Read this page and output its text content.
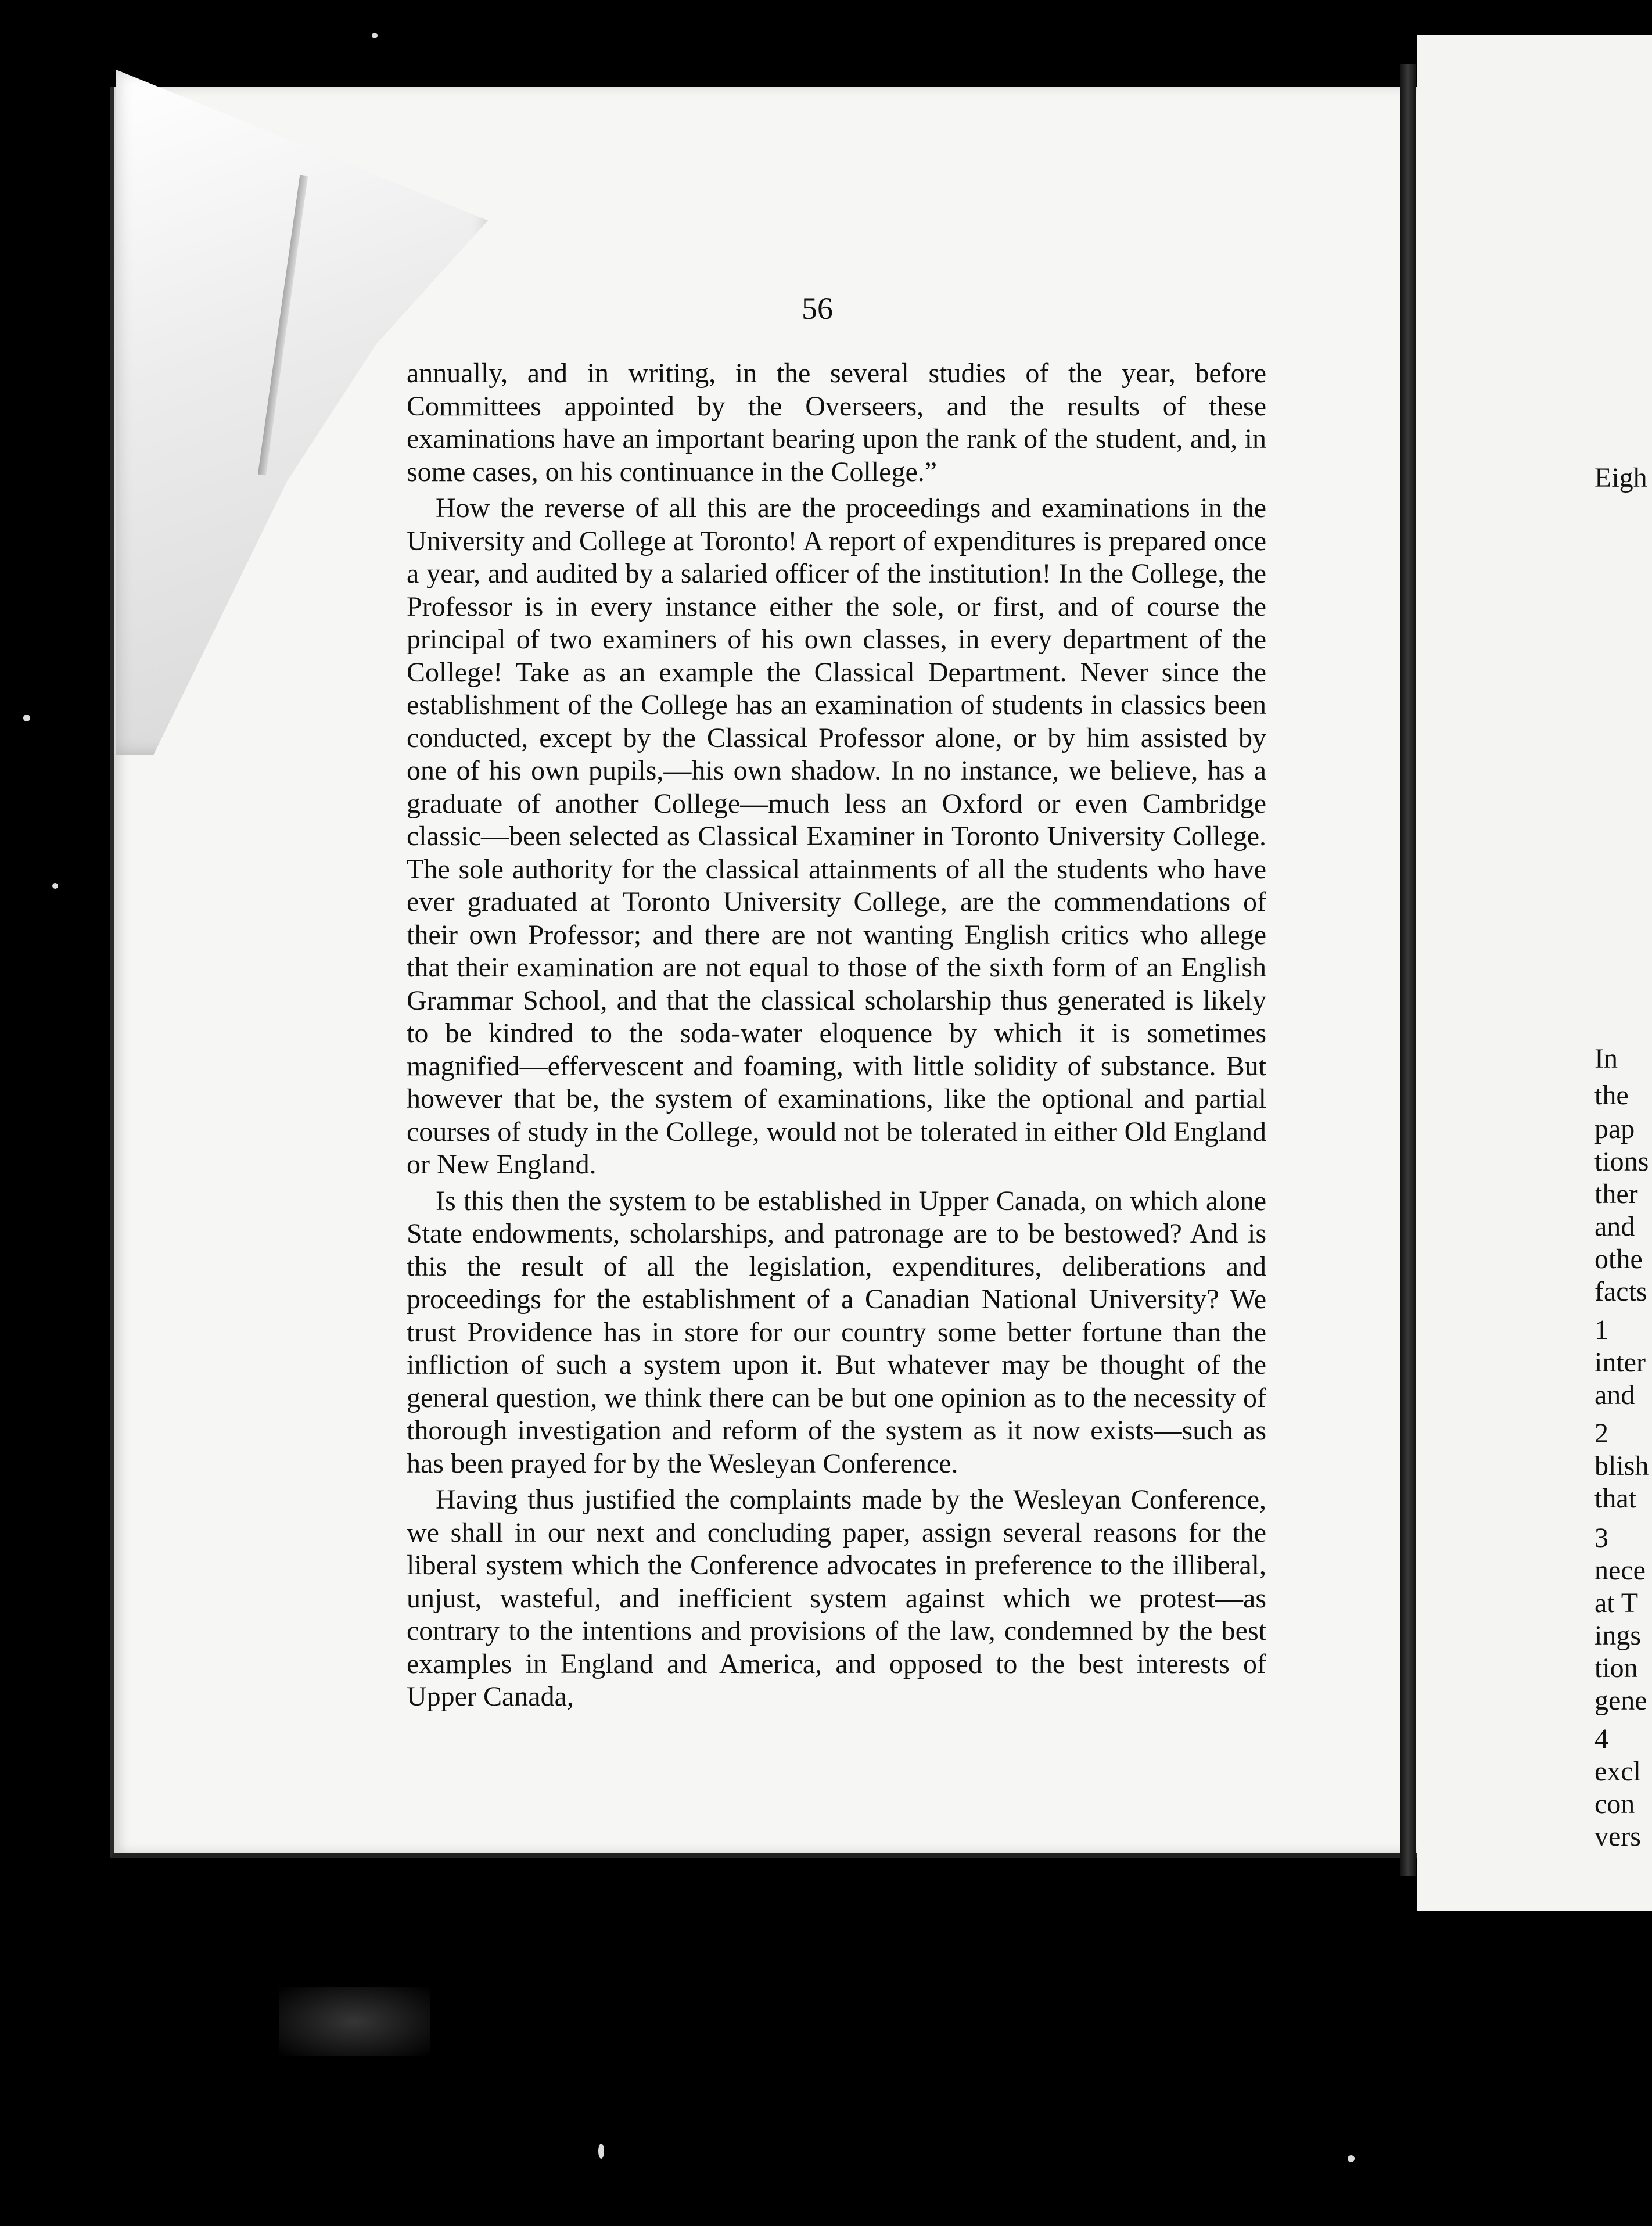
56

annually, and in writing, in the several studies of the year, before Committees appointed by the Overseers, and the results of these examinations have an important bearing upon the rank of the student, and, in some cases, on his continuance in the College.”

How the reverse of all this are the proceedings and examinations in the University and College at Toronto! A report of expenditures is prepared once a year, and audited by a salaried officer of the institution! In the College, the Professor is in every instance either the sole, or first, and of course the principal of two examiners of his own classes, in every department of the College! Take as an example the Classical Department. Never since the establishment of the College has an examination of students in classics been conducted, except by the Classical Professor alone, or by him assisted by one of his own pupils,—his own shadow. In no instance, we believe, has a graduate of another College—much less an Oxford or even Cambridge classic—been selected as Classical Examiner in Toronto University College. The sole authority for the classical attainments of all the students who have ever graduated at Toronto University College, are the commendations of their own Professor; and there are not wanting English critics who allege that their examination are not equal to those of the sixth form of an English Grammar School, and that the classical scholarship thus generated is likely to be kindred to the soda-water eloquence by which it is sometimes magnified—effervescent and foaming, with little solidity of substance. But however that be, the system of examinations, like the optional and partial courses of study in the College, would not be tolerated in either Old England or New England.

Is this then the system to be established in Upper Canada, on which alone State endowments, scholarships, and patronage are to be bestowed? And is this the result of all the legislation, expenditures, deliberations and proceedings for the establishment of a Canadian National University? We trust Providence has in store for our country some better fortune than the infliction of such a system upon it. But whatever may be thought of the general question, we think there can be but one opinion as to the necessity of thorough investigation and reform of the system as it now exists—such as has been prayed for by the Wesleyan Conference.

Having thus justified the complaints made by the Wesleyan Conference, we shall in our next and concluding paper, assign several reasons for the liberal system which the Conference advocates in preference to the illiberal, unjust, wasteful, and inefficient system against which we protest—as contrary to the intentions and provisions of the law, condemned by the best examples in England and America, and opposed to the best interests of Upper Canada,

Eigh
In
the
pap
tions
ther
and
othe
facts
1
inter
and
2
blish
that
3
nece
at T
ings
tion
gene
4
excl
con
vers
